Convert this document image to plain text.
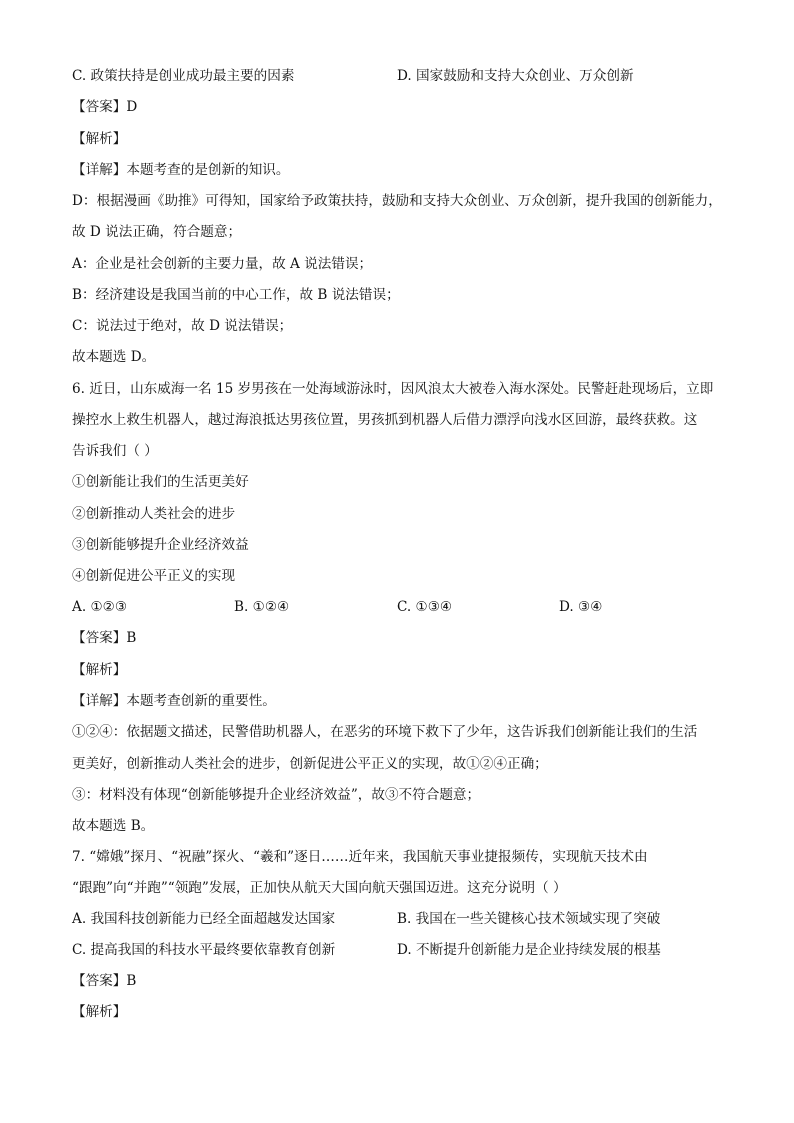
C. 政策扶持是创业成功最主要的因素	D. 国家鼓励和支持大众创业、万众创新
【答案】D
【解析】
【详解】本题考查的是创新的知识。
D：根据漫画《助推》可得知，国家给予政策扶持，鼓励和支持大众创业、万众创新，提升我国的创新能力，
故 D 说法正确，符合题意；
A：企业是社会创新的主要力量，故 A 说法错误；
B：经济建设是我国当前的中心工作，故 B 说法错误；
C：说法过于绝对，故 D 说法错误；
故本题选 D。
6. 近日，山东威海一名 15 岁男孩在一处海域游泳时，因风浪太大被卷入海水深处。民警赶赴现场后，立即
操控水上救生机器人，越过海浪抵达男孩位置，男孩抓到机器人后借力漂浮向浅水区回游，最终获救。这
告诉我们（ ）
①创新能让我们的生活更美好
②创新推动人类社会的进步
③创新能够提升企业经济效益
④创新促进公平正义的实现
A. ①②③	B. ①②④	C. ①③④	D. ③④
【答案】B
【解析】
【详解】本题考查创新的重要性。
①②④：依据题文描述，民警借助机器人，在恶劣的环境下救下了少年，这告诉我们创新能让我们的生活
更美好，创新推动人类社会的进步，创新促进公平正义的实现，故①②④正确；
③：材料没有体现“创新能够提升企业经济效益”，故③不符合题意；
故本题选 B。
7. “嫦娥”探月、“祝融”探火、“羲和”逐日……近年来，我国航天事业捷报频传，实现航天技术由
“跟跑”向“并跑”“领跑”发展，正加快从航天大国向航天强国迈进。这充分说明（ ）
A. 我国科技创新能力已经全面超越发达国家	B. 我国在一些关键核心技术领域实现了突破
C. 提高我国的科技水平最终要依靠教育创新	D. 不断提升创新能力是企业持续发展的根基
【答案】B
【解析】
